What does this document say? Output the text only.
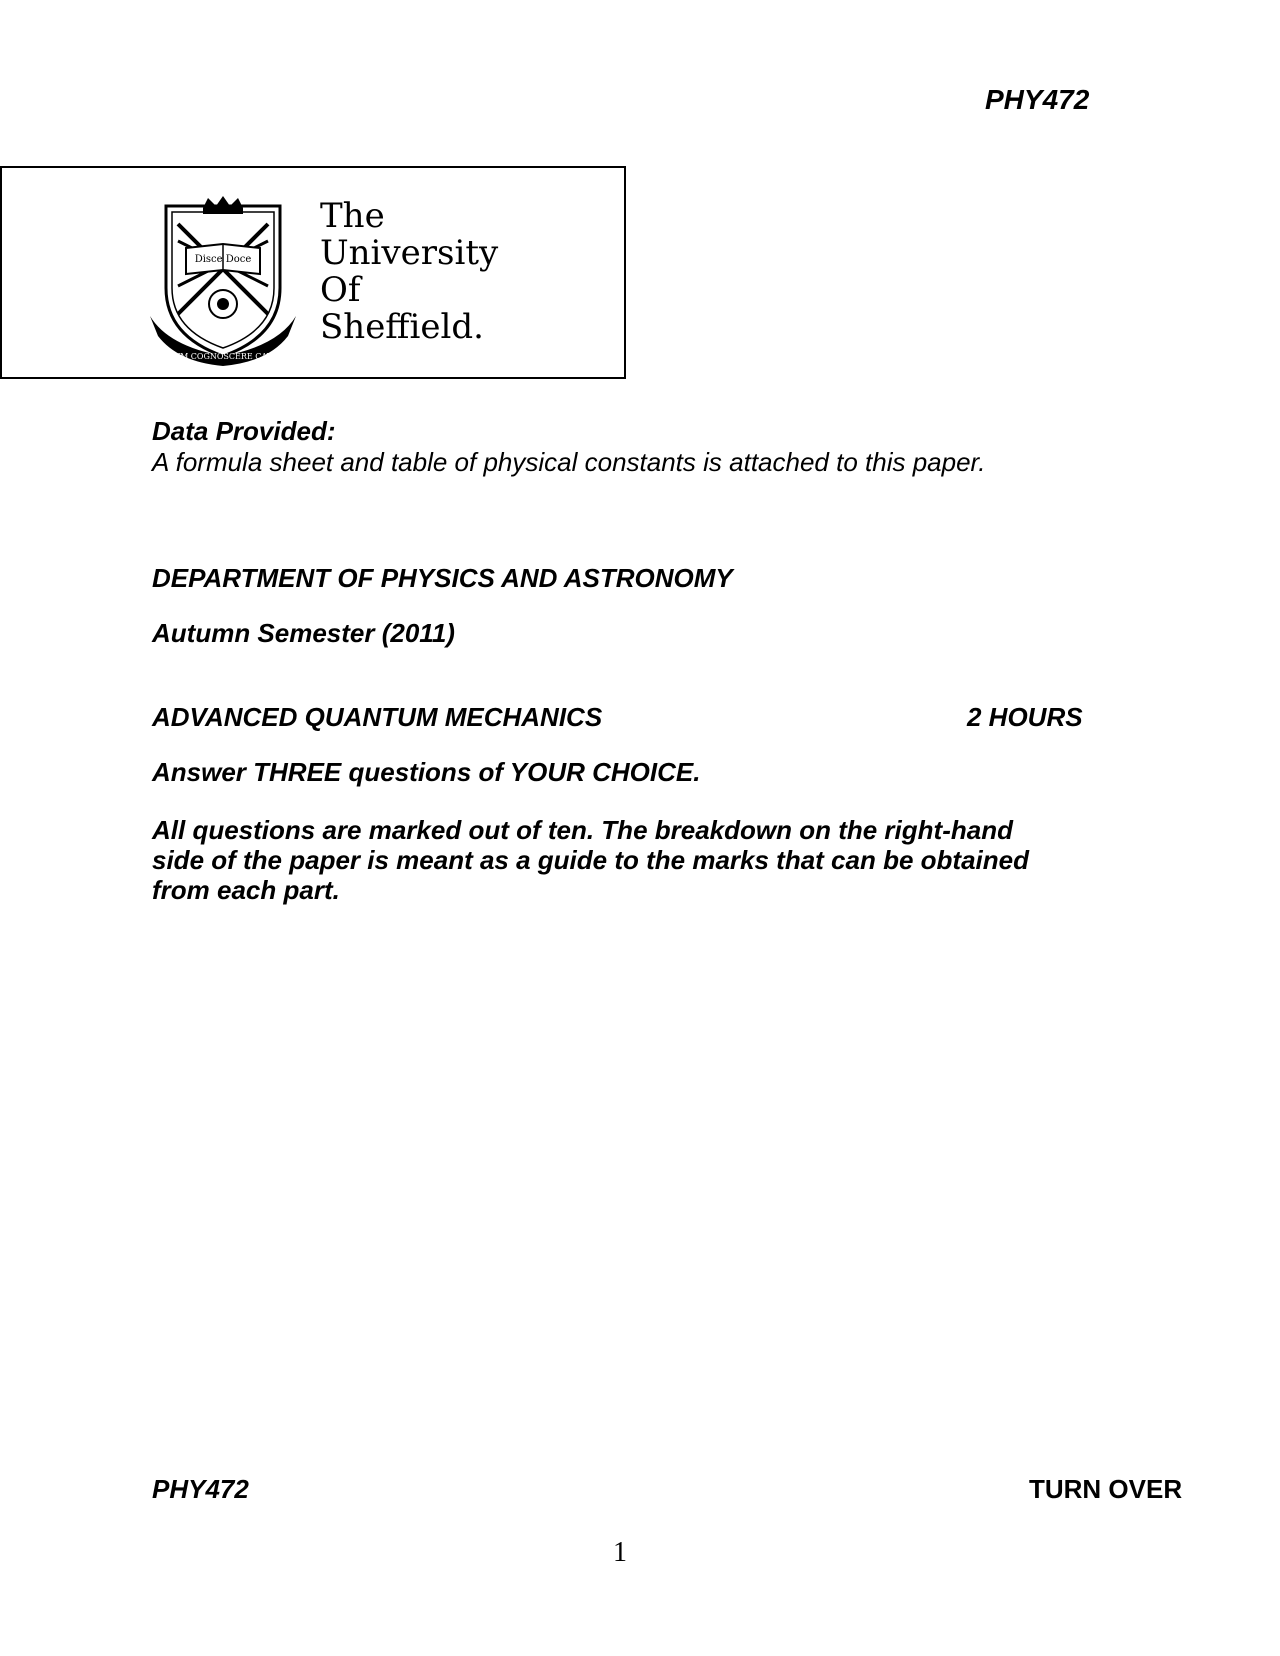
PHY472
Disce Doce
RERVM COGNOSCERE CAVSAS
The
University
Of
Sheffield.
Data Provided:
A formula sheet and table of physical constants is attached to this paper.
DEPARTMENT OF PHYSICS AND ASTRONOMY
Autumn Semester (2011)
ADVANCED QUANTUM MECHANICS	2 HOURS
Answer THREE questions of YOUR CHOICE.
All questions are marked out of ten. The breakdown on the right-hand
side of the paper is meant as a guide to the marks that can be obtained
from each part.
PHY472	TURN OVER
1
